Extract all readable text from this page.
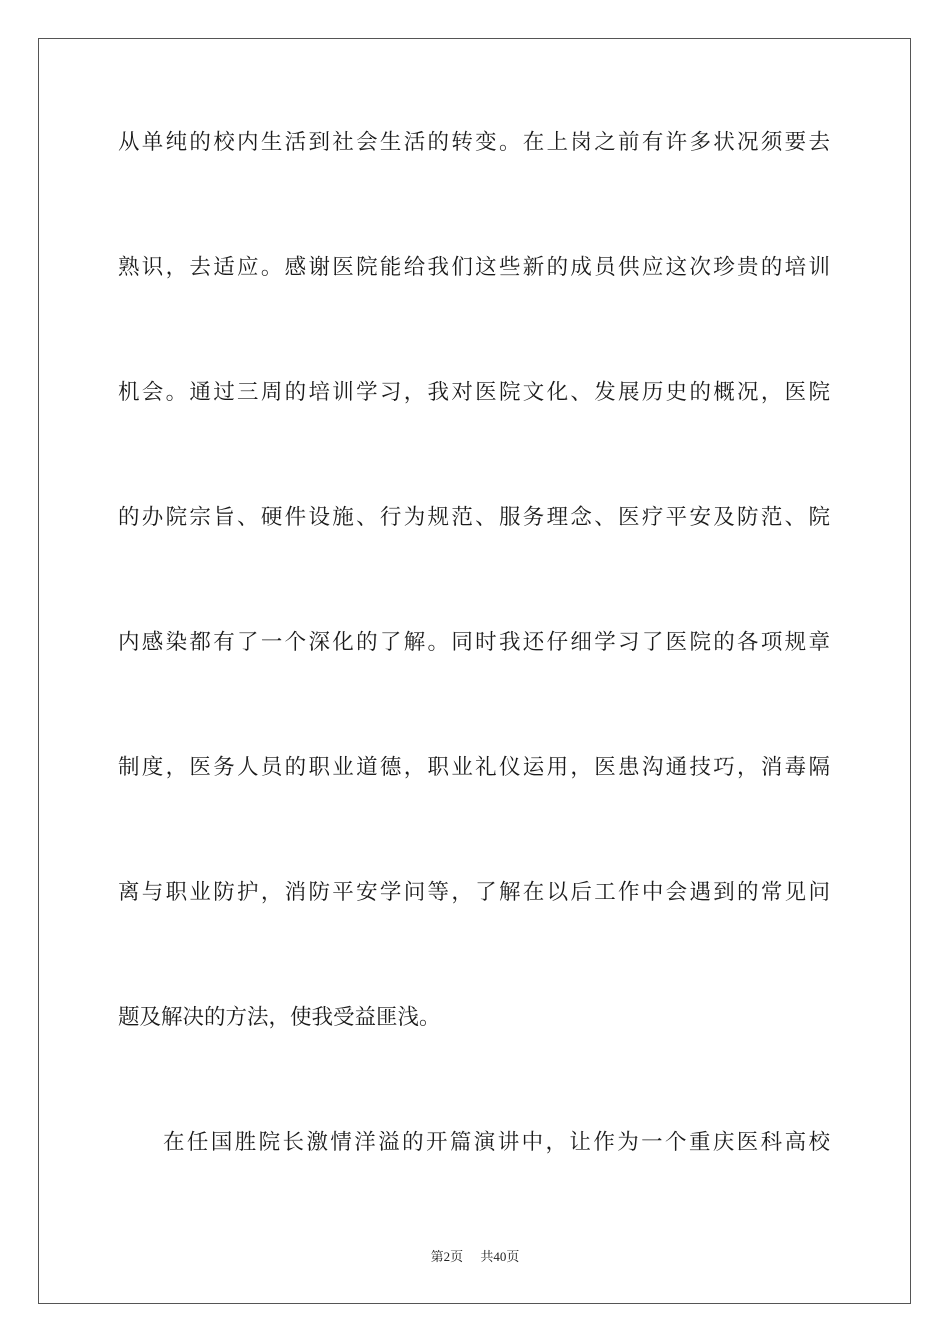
从单纯的校内生活到社会生活的转变。在上岗之前有许多状况须要去
熟识，去适应。感谢医院能给我们这些新的成员供应这次珍贵的培训
机会。通过三周的培训学习，我对医院文化、发展历史的概况，医院
的办院宗旨、硬件设施、行为规范、服务理念、医疗平安及防范、院
内感染都有了一个深化的了解。同时我还仔细学习了医院的各项规章
制度，医务人员的职业道德，职业礼仪运用，医患沟通技巧，消毒隔
离与职业防护，消防平安学问等，了解在以后工作中会遇到的常见问
题及解决的方法，使我受益匪浅。
在任国胜院长激情洋溢的开篇演讲中，让作为一个重庆医科高校
第2页 共40页
